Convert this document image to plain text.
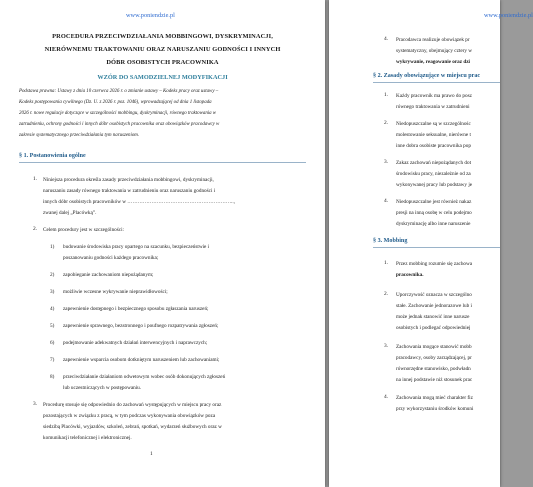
www.poniendzie.pl
PROCEDURA PRZECIWDZIAŁANIA MOBBINGOWI, DYSKRYMINACJI,
NIERÓWNEMU TRAKTOWANIU ORAZ NARUSZANIU GODNOŚCI I INNYCH
DÓBR OSOBISTYCH PRACOWNIKA
WZÓR DO SAMODZIELNEJ MODYFIKACJI
Podstawa prawna: Ustawy z dnia 10 czerwca 2026 r. o zmianie ustawy – Kodeks pracy oraz ustawy –
Kodeks postępowania cywilnego (Dz. U. z 2026 r. poz. 1046), wprowadzającej od dnia 1 listopada
2026 r. nowe regulacje dotyczące w szczególności mobbingu, dyskryminacji, równego traktowania w
zatrudnieniu, ochrony godności i innych dóbr osobistych pracownika oraz obowiązków pracodawcy w
zakresie systematycznego przeciwdziałania tym naruszeniom.
§ 1. Postanowienia ogólne
1. Niniejsza procedura określa zasady przeciwdziałania mobbingowi, dyskryminacji,
naruszaniu zasady równego traktowania w zatrudnieniu oraz naruszaniu godności i
innych dóbr osobistych pracowników w ……………………………………………………..,
zwanej dalej „Placówką”.
2. Celem procedury jest w szczególności:
1) budowanie środowiska pracy opartego na szacunku, bezpieczeństwie i
poszanowaniu godności każdego pracownika;
2) zapobieganie zachowaniom niepożądanym;
3) możliwie wczesne wykrywanie nieprawidłowości;
4) zapewnienie dostępnego i bezpiecznego sposobu zgłaszania naruszeń;
5) zapewnienie sprawnego, bezstronnego i poufnego rozpatrywania zgłoszeń;
6) podejmowanie adekwatnych działań interwencyjnych i naprawczych;
7) zapewnienie wsparcia osobom dotkniętym naruszeniem lub zachowaniami;
8) przeciwdziałanie działaniom odwetowym wobec osób dokonujących zgłoszeń
lub uczestniczących w postępowaniu.
3. Procedurę stosuje się odpowiednio do zachowań występujących w miejscu pracy oraz
pozostających w związku z pracą, w tym podczas wykonywania obowiązków poza
siedzibą Placówki, wyjazdów, szkoleń, zebrań, spotkań, wydarzeń służbowych oraz w
komunikacji telefonicznej i elektronicznej.
1
www.poniendzie.pl
4. Pracodawca realizuje obowiązek pr
systematyczny, obejmujący cztery w
wykrywanie, reagowanie oraz dzi
§ 2. Zasady obowiązujące w miejscu prac
1. Każdy pracownik ma prawo do posz
równego traktowania w zatrudnieni
2. Niedopuszczalne są w szczególnośc
molestowanie seksualne, nierówne t
inne dobra osobiste pracownika pop
3. Zakaz zachowań niepożądanych dot
środowisku pracy, niezależnie od za
wykonywanej pracy lub podstawy je
4. Niedopuszczalne jest również nakaz
presji na inną osobę w celu podejmo
dyskryminację albo inne naruszenie
§ 3. Mobbing
1. Przez mobbing rozumie się zachowa
pracownika.
2. Uporczywość oznacza w szczególno
stałe. Zachowanie jednorazowe lub i
może jednak stanowić inne narusze
osobistych i podlegać odpowiedniej
3. Zachowania mogące stanowić mobb
pracodawcy, osoby zarządzającej, pr
równorzędne stanowisko, podwładn
na innej podstawie niż stosunek prac
4. Zachowania mogą mieć charakter fiz
przy wykorzystaniu środków komuni
